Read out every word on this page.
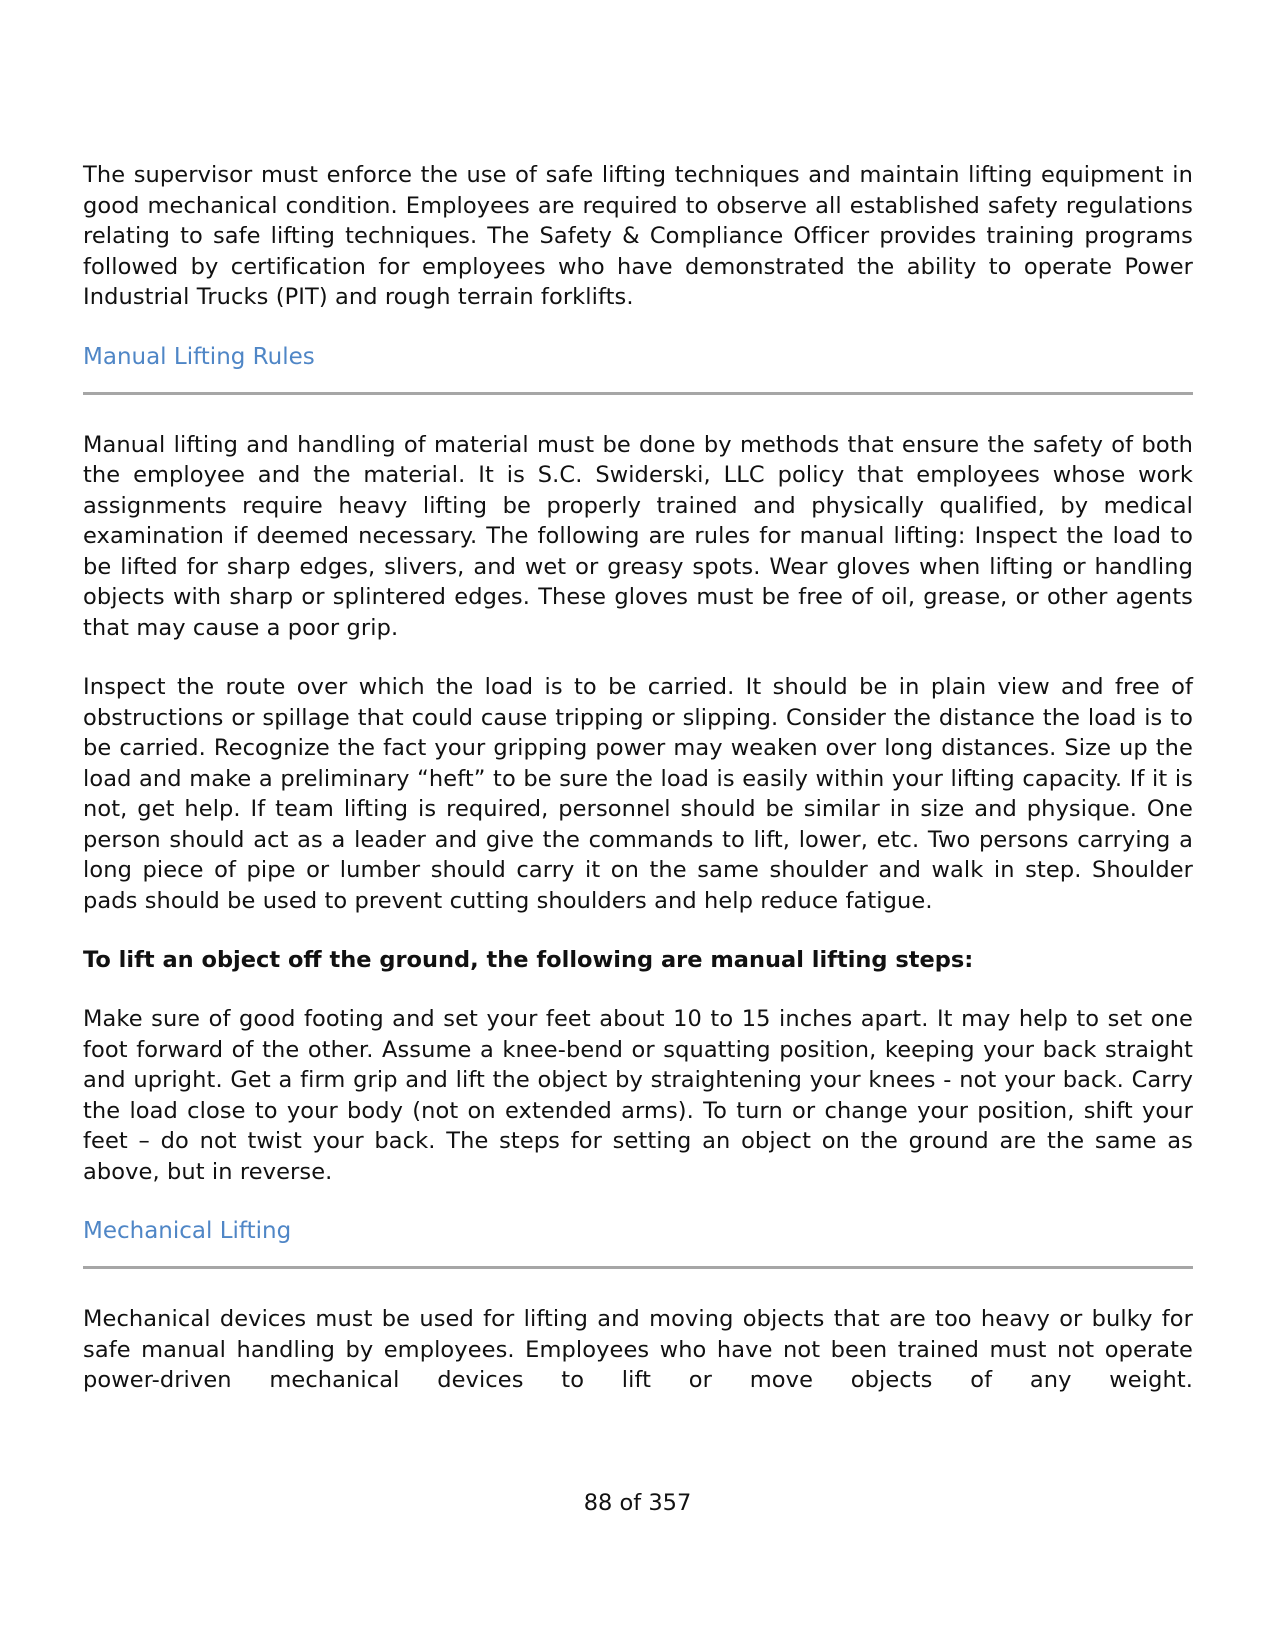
The supervisor must enforce the use of safe lifting techniques and maintain lifting equipment in good mechanical condition. Employees are required to observe all established safety regulations relating to safe lifting techniques. The Safety & Compliance Officer provides training programs followed by certification for employees who have demonstrated the ability to operate Power Industrial Trucks (PIT) and rough terrain forklifts.

Manual Lifting Rules

Manual lifting and handling of material must be done by methods that ensure the safety of both the employee and the material. It is S.C. Swiderski, LLC policy that employees whose work assignments require heavy lifting be properly trained and physically qualified, by medical examination if deemed necessary. The following are rules for manual lifting: Inspect the load to be lifted for sharp edges, slivers, and wet or greasy spots. Wear gloves when lifting or handling objects with sharp or splintered edges. These gloves must be free of oil, grease, or other agents that may cause a poor grip.

Inspect the route over which the load is to be carried. It should be in plain view and free of obstructions or spillage that could cause tripping or slipping. Consider the distance the load is to be carried. Recognize the fact your gripping power may weaken over long distances. Size up the load and make a preliminary “heft” to be sure the load is easily within your lifting capacity. If it is not, get help. If team lifting is required, personnel should be similar in size and physique. One person should act as a leader and give the commands to lift, lower, etc. Two persons carrying a long piece of pipe or lumber should carry it on the same shoulder and walk in step. Shoulder pads should be used to prevent cutting shoulders and help reduce fatigue.

To lift an object off the ground, the following are manual lifting steps:

Make sure of good footing and set your feet about 10 to 15 inches apart. It may help to set one foot forward of the other. Assume a knee-bend or squatting position, keeping your back straight and upright. Get a firm grip and lift the object by straightening your knees - not your back. Carry the load close to your body (not on extended arms). To turn or change your position, shift your feet – do not twist your back. The steps for setting an object on the ground are the same as above, but in reverse.

Mechanical Lifting

Mechanical devices must be used for lifting and moving objects that are too heavy or bulky for safe manual handling by employees. Employees who have not been trained must not operate power-driven mechanical devices to lift or move objects of any weight.

88 of 357
